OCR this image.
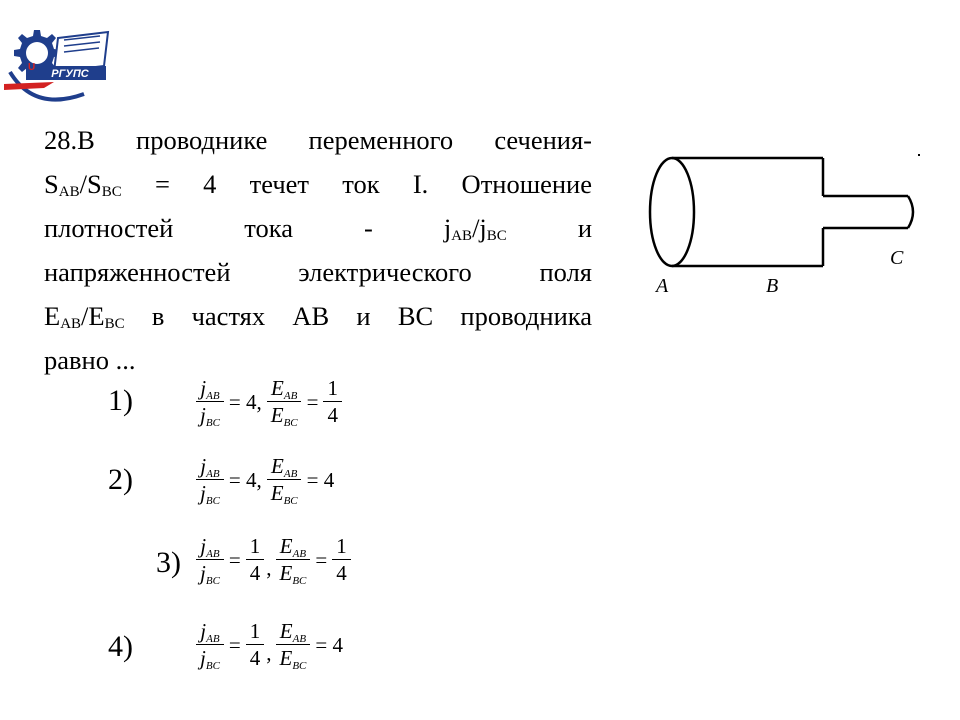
РГУПС
U
28.В проводнике переменного сечения-
$S_{AB}/S_{BC} = 4$ течет ток I. Отношение
плотностей тока - $j_{AB}/j_{BC}$ и
напряженностей электрического поля
$E_{AB}/E_{BC}$ в частях AB и BC проводника
равно ...
A	B
C
1)	$\frac{j_{AB}}{j_{BC}} = 4$, $\frac{E_{AB}}{E_{BC}} = \frac{1}{4}$
2)	$\frac{j_{AB}}{j_{BC}} = 4$, $\frac{E_{AB}}{E_{BC}} = 4$
$3) \frac{j_{AB}}{j_{BC}} = \frac{1}{4}$ , $\frac{E_{AB}}{E_{BC}} = \frac{1}{4}$
4)	$\frac{j_{AB}}{j_{BC}} = \frac{1}{4}$ , $\frac{E_{AB}}{E_{BC}} = 4$
